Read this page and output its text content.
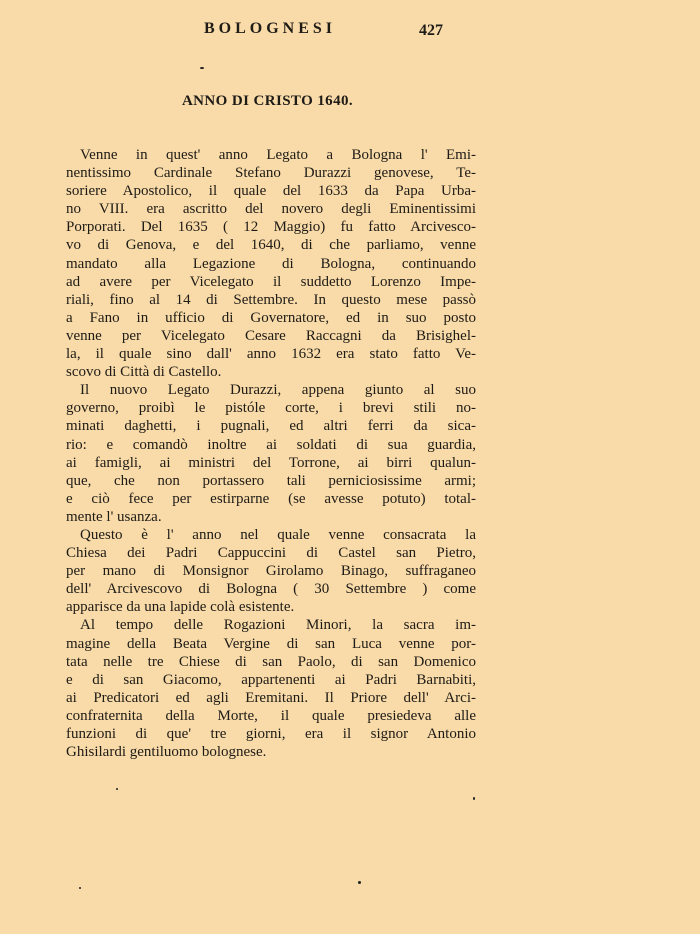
BOLOGNESI	427
ANNO DI CRISTO 1640.
Venne in quest' anno Legato a Bologna l' Emi-
nentissimo Cardinale Stefano Durazzi genovese, Te-
soriere Apostolico, il quale del 1633 da Papa Urba-
no VIII. era ascritto del novero degli Eminentissimi
Porporati. Del 1635 ( 12 Maggio) fu fatto Arcivesco-
vo di Genova, e del 1640, di che parliamo, venne
mandato alla Legazione di Bologna, continuando
ad avere per Vicelegato il suddetto Lorenzo Impe-
riali, fino al 14 di Settembre. In questo mese passò
a Fano in ufficio di Governatore, ed in suo posto
venne per Vicelegato Cesare Raccagni da Brisighel-
la, il quale sino dall' anno 1632 era stato fatto Ve-
scovo di Città di Castello.
Il nuovo Legato Durazzi, appena giunto al suo
governo, proibì le pistóle corte, i brevi stili no-
minati daghetti, i pugnali, ed altri ferri da sica-
rio: e comandò inoltre ai soldati di sua guardia,
ai famigli, ai ministri del Torrone, ai birri qualun-
que, che non portassero tali perniciosissime armi;
e ciò fece per estirparne (se avesse potuto) total-
mente l' usanza.
Questo è l' anno nel quale venne consacrata la
Chiesa dei Padri Cappuccini di Castel san Pietro,
per mano di Monsignor Girolamo Binago, suffraganeo
dell' Arcivescovo di Bologna ( 30 Settembre ) come
apparisce da una lapide colà esistente.
Al tempo delle Rogazioni Minori, la sacra im-
magine della Beata Vergine di san Luca venne por-
tata nelle tre Chiese di san Paolo, di san Domenico
e di san Giacomo, appartenenti ai Padri Barnabiti,
ai Predicatori ed agli Eremitani. Il Priore dell' Arci-
confraternita della Morte, il quale presiedeva alle
funzioni di que' tre giorni, era il signor Antonio
Ghisilardi gentiluomo bolognese.
